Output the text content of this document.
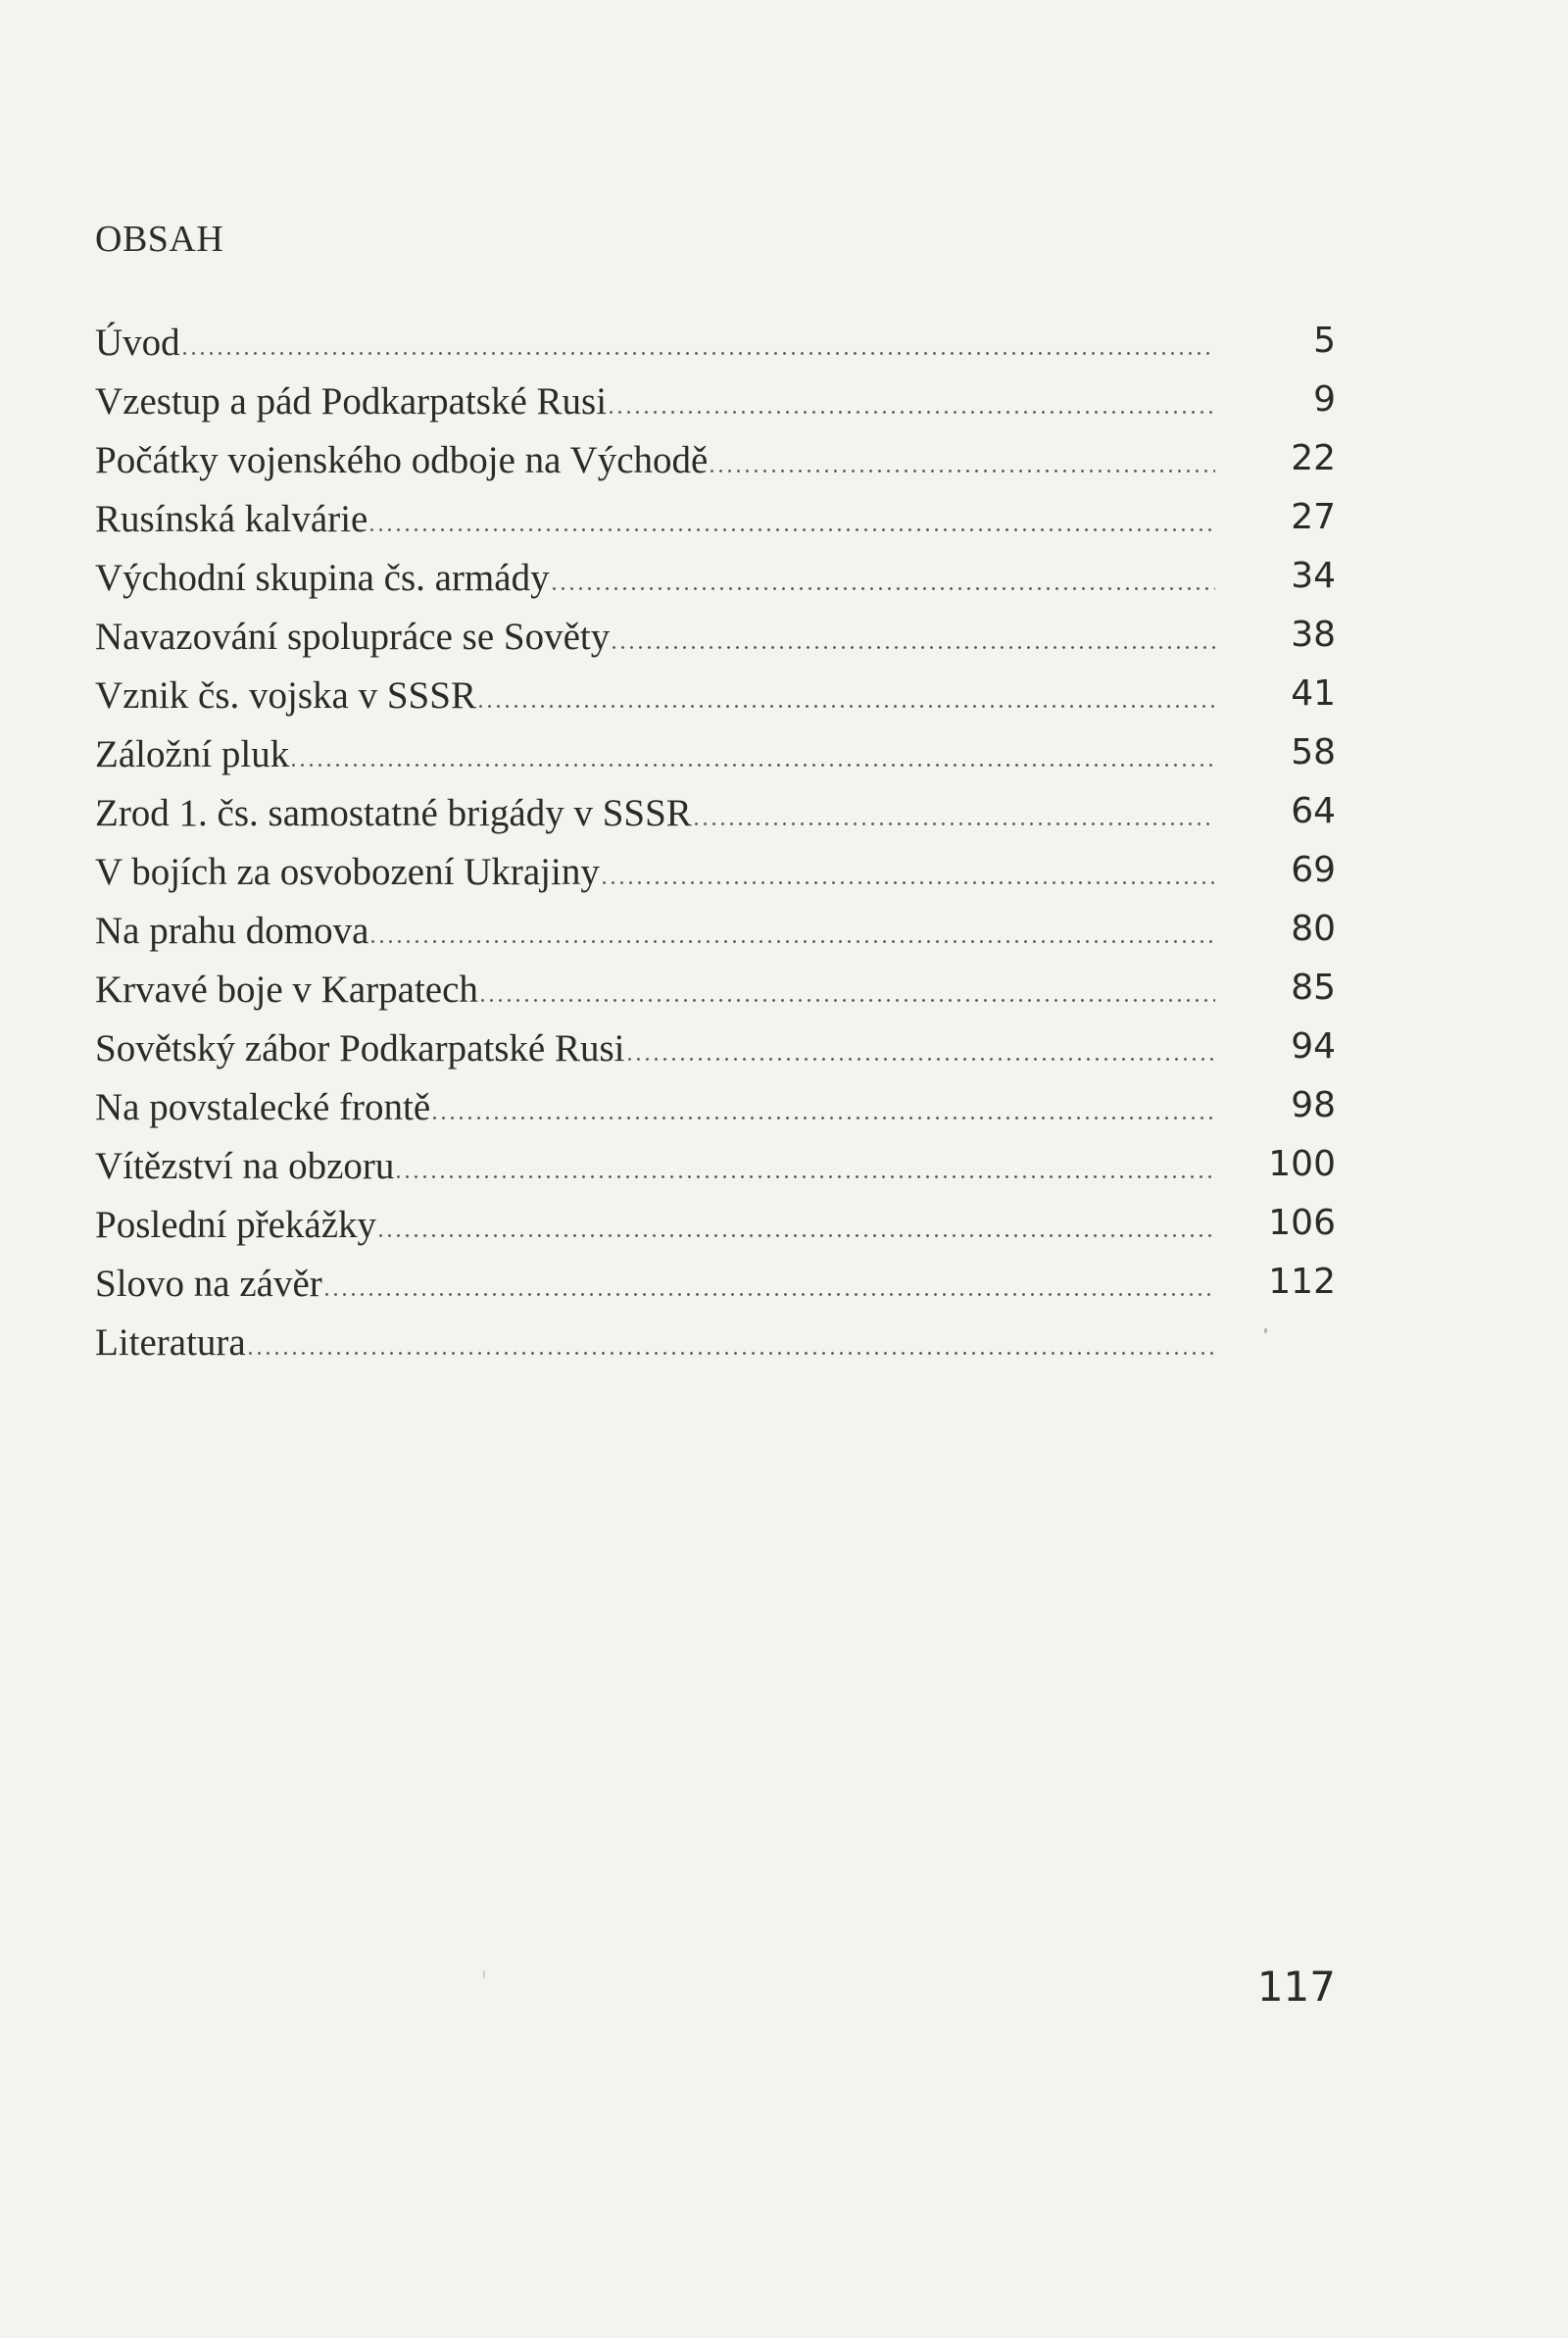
OBSAH
Úvod	5
Vzestup a pád Podkarpatské Rusi	9
Počátky vojenského odboje na Východě	22
Rusínská kalvárie	27
Východní skupina čs. armády	34
Navazování spolupráce se Sověty	38
Vznik čs. vojska v SSSR	41
Záložní pluk	58
Zrod 1. čs. samostatné brigády v SSSR	64
V bojích za osvobození Ukrajiny	69
Na prahu domova	80
Krvavé boje v Karpatech	85
Sovětský zábor Podkarpatské Rusi	94
Na povstalecké frontě	98
Vítězství na obzoru	100
Poslední překážky	106
Slovo na závěr	112
Literatura
117
